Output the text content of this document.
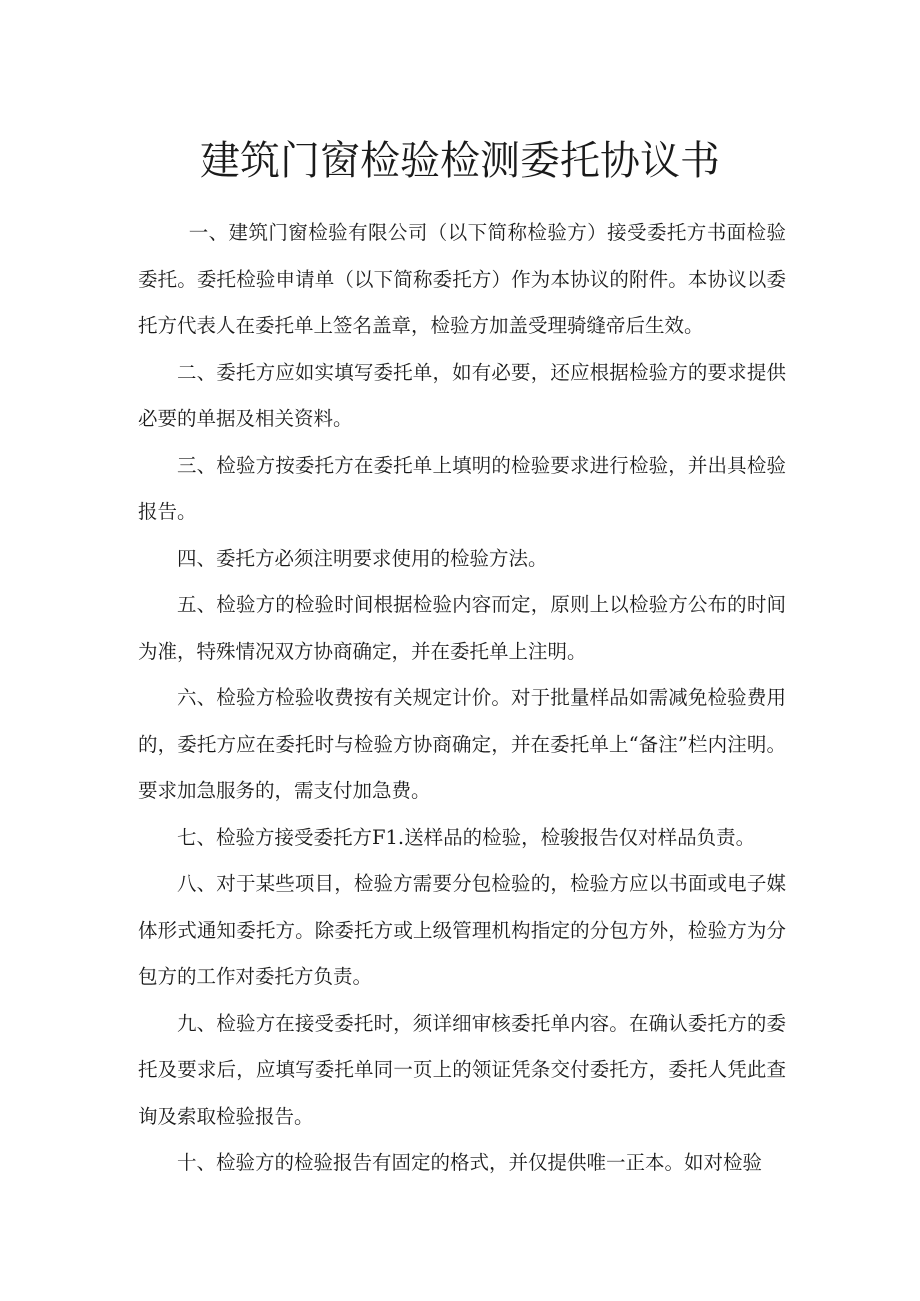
建筑门窗检验检测委托协议书

一、建筑门窗检验有限公司（以下简称检验方）接受委托方书面检验委托。委托检验申请单（以下简称委托方）作为本协议的附件。本协议以委托方代表人在委托单上签名盖章，检验方加盖受理骑缝帝后生效。

二、委托方应如实填写委托单，如有必要，还应根据检验方的要求提供必要的单据及相关资料。

三、检验方按委托方在委托单上填明的检验要求进行检验，并出具检验报告。

四、委托方必须注明要求使用的检验方法。

五、检验方的检验时间根据检验内容而定，原则上以检验方公布的时间为准，特殊情况双方协商确定，并在委托单上注明。

六、检验方检验收费按有关规定计价。对于批量样品如需减免检验费用的，委托方应在委托时与检验方协商确定，并在委托单上“备注”栏内注明。要求加急服务的，需支付加急费。

七、检验方接受委托方F1.送样品的检验，检骏报告仅对样品负责。

八、对于某些项目，检验方需要分包检验的，检验方应以书面或电子媒体形式通知委托方。除委托方或上级管理机构指定的分包方外，检验方为分包方的工作对委托方负责。

九、检验方在接受委托时，须详细审核委托单内容。在确认委托方的委托及要求后，应填写委托单同一页上的领证凭条交付委托方，委托人凭此查询及索取检验报告。

十、检验方的检验报告有固定的格式，并仅提供唯一正本。如对检验
